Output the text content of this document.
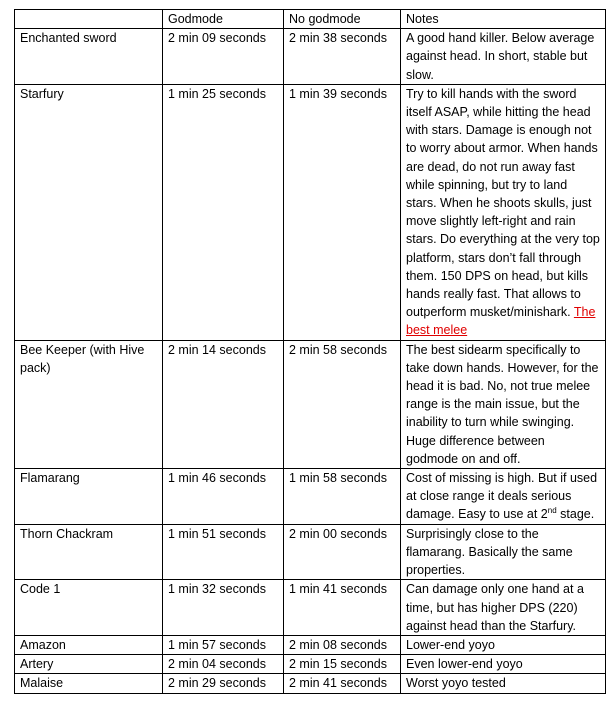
	Godmode	No godmode	Notes
Enchanted sword	2 min 09 seconds	2 min 38 seconds	A good hand killer. Below average against head. In short, stable but slow.
Starfury	1 min 25 seconds	1 min 39 seconds	Try to kill hands with the sword itself ASAP, while hitting the head with stars. Damage is enough not to worry about armor. When hands are dead, do not run away fast while spinning, but try to land stars. When he shoots skulls, just move slightly left-right and rain stars. Do everything at the very top platform, stars don’t fall through them. 150 DPS on head, but kills hands really fast. That allows to outperform musket/minishark. The best melee
Bee Keeper (with Hive pack)	2 min 14 seconds	2 min 58 seconds	The best sidearm specifically to take down hands. However, for the head it is bad. No, not true melee range is the main issue, but the inability to turn while swinging. Huge difference between godmode on and off.
Flamarang	1 min 46 seconds	1 min 58 seconds	Cost of missing is high. But if used at close range it deals serious damage. Easy to use at 2nd stage.
Thorn Chackram	1 min 51 seconds	2 min 00 seconds	Surprisingly close to the flamarang. Basically the same properties.
Code 1	1 min 32 seconds	1 min 41 seconds	Can damage only one hand at a time, but has higher DPS (220) against head than the Starfury.
Amazon	1 min 57 seconds	2 min 08 seconds	Lower-end yoyo
Artery	2 min 04 seconds	2 min 15 seconds	Even lower-end yoyo
Malaise	2 min 29 seconds	2 min 41 seconds	Worst yoyo tested
